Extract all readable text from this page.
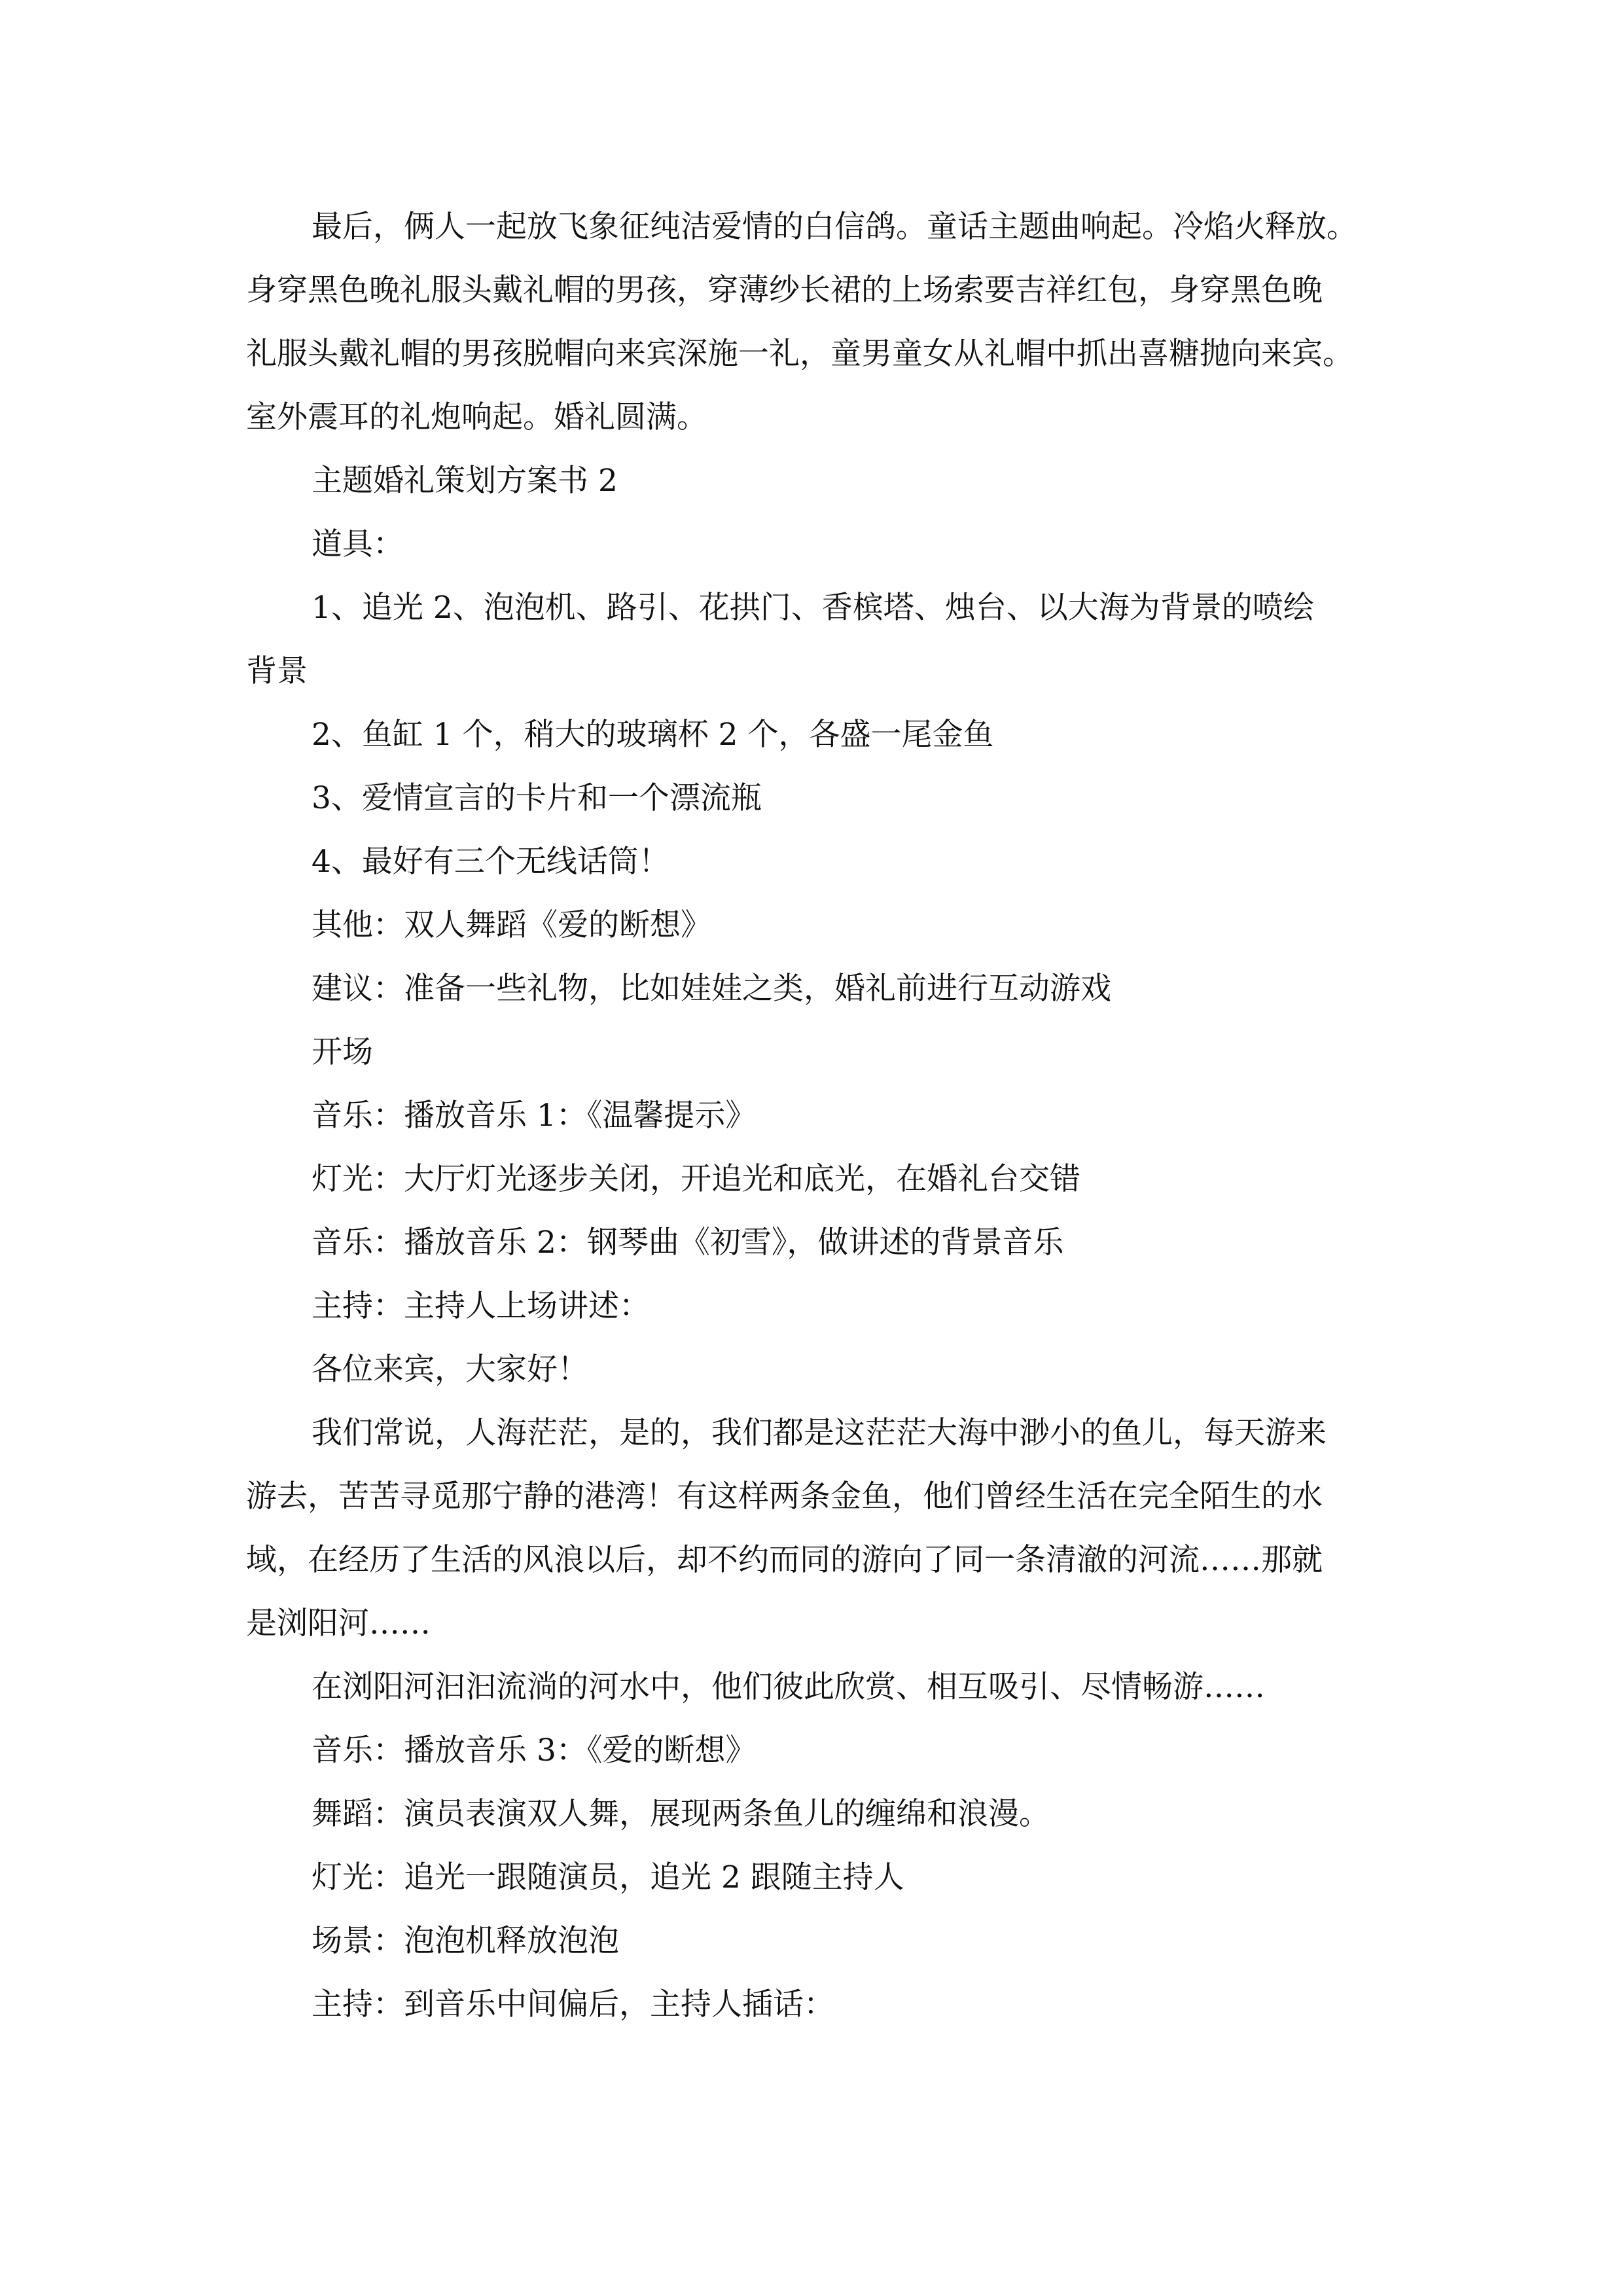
最后，俩人一起放飞象征纯洁爱情的白信鸽。童话主题曲响起。冷焰火释放。
身穿黑色晚礼服头戴礼帽的男孩，穿薄纱长裙的上场索要吉祥红包，身穿黑色晚
礼服头戴礼帽的男孩脱帽向来宾深施一礼，童男童女从礼帽中抓出喜糖抛向来宾。
室外震耳的礼炮响起。婚礼圆满。

主题婚礼策划方案书 2

道具：

1、追光 2、泡泡机、路引、花拱门、香槟塔、烛台、以大海为背景的喷绘
背景

2、鱼缸 1 个，稍大的玻璃杯 2 个，各盛一尾金鱼

3、爱情宣言的卡片和一个漂流瓶

4、最好有三个无线话筒！

其他：双人舞蹈《爱的断想》

建议：准备一些礼物，比如娃娃之类，婚礼前进行互动游戏

开场

音乐：播放音乐 1：《温馨提示》

灯光：大厅灯光逐步关闭，开追光和底光，在婚礼台交错

音乐：播放音乐 2：钢琴曲《初雪》，做讲述的背景音乐

主持：主持人上场讲述：

各位来宾，大家好！

我们常说，人海茫茫，是的，我们都是这茫茫大海中渺小的鱼儿，每天游来
游去，苦苦寻觅那宁静的港湾！有这样两条金鱼，他们曾经生活在完全陌生的水
域，在经历了生活的风浪以后，却不约而同的游向了同一条清澈的河流……那就
是浏阳河……

在浏阳河汩汩流淌的河水中，他们彼此欣赏、相互吸引、尽情畅游……

音乐：播放音乐 3：《爱的断想》

舞蹈：演员表演双人舞，展现两条鱼儿的缠绵和浪漫。

灯光：追光一跟随演员，追光 2 跟随主持人

场景：泡泡机释放泡泡

主持：到音乐中间偏后，主持人插话：
